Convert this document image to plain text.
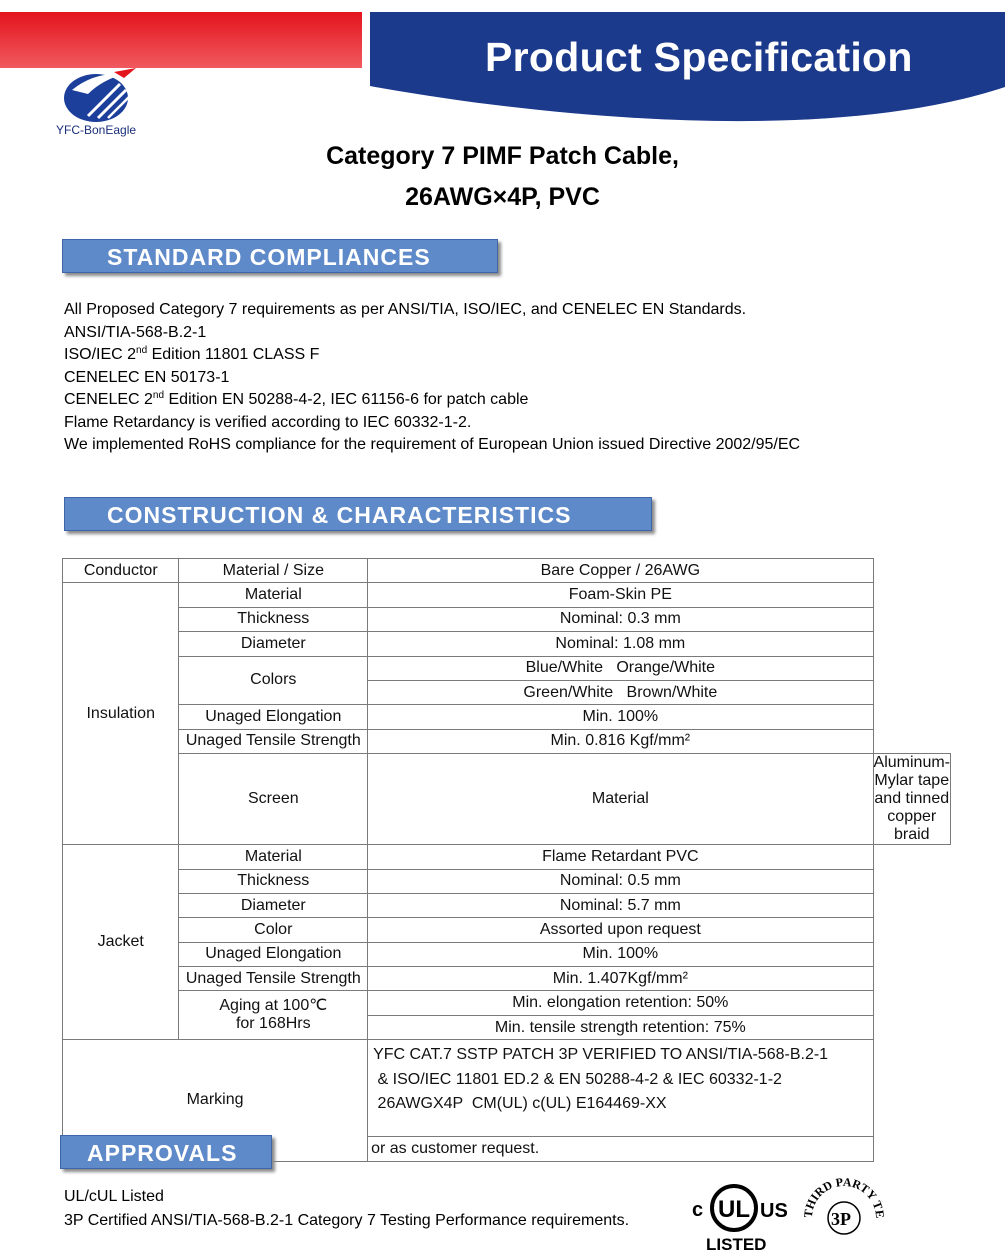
Product Specification
YFC-BonEagle
Category 7 PIMF Patch Cable,
26AWG×4P, PVC
STANDARD COMPLIANCES
All Proposed Category 7 requirements as per ANSI/TIA, ISO/IEC, and CENELEC EN Standards.
ANSI/TIA-568-B.2-1
ISO/IEC 2nd Edition 11801 CLASS F
CENELEC EN 50173-1
CENELEC 2nd Edition EN 50288-4-2, IEC 61156-6 for patch cable
Flame Retardancy is verified according to IEC 60332-1-2.
We implemented RoHS compliance for the requirement of European Union issued Directive 2002/95/EC
CONSTRUCTION & CHARACTERISTICS
Conductor	Material / Size	Bare Copper / 26AWG	
Insulation	Material	Foam-Skin PE	
	Thickness	Nominal: 0.3 mm	
	Diameter	Nominal: 1.08 mm	
	Colors	Blue/White   Orange/White	
		Green/White   Brown/White	
	Unaged Elongation	Min. 100%	
	Unaged Tensile Strength	Min. 0.816 Kgf/mm²	
	Screen	Material	Aluminum-Mylar tape and tinned copper braid
Jacket	Material	Flame Retardant PVC	
	Thickness	Nominal: 0.5 mm	
	Diameter	Nominal: 5.7 mm	
	Color	Assorted upon request	
	Unaged Elongation	Min. 100%	
	Unaged Tensile Strength	Min. 1.407Kgf/mm²	

	Aging at 100℃
for 168Hrs	Min. elongation retention: 50%	
		Min. tensile strength retention: 75%	
Marking		YFC CAT.7 SSTP PATCH 3P VERIFIED TO ANSI/TIA-568-B.2-1
& ISO/IEC 11801 ED.2 & EN 50288-4-2 & IEC 60332-1-2
26AWGX4P  CM(UL) c(UL) E164469-XX	

		or as customer request.	
APPROVALS
UL/cUL Listed
3P Certified ANSI/TIA-568-B.2-1 Category 7 Testing Performance requirements.	c UL US
LISTED
HIRD PARTY
3P
